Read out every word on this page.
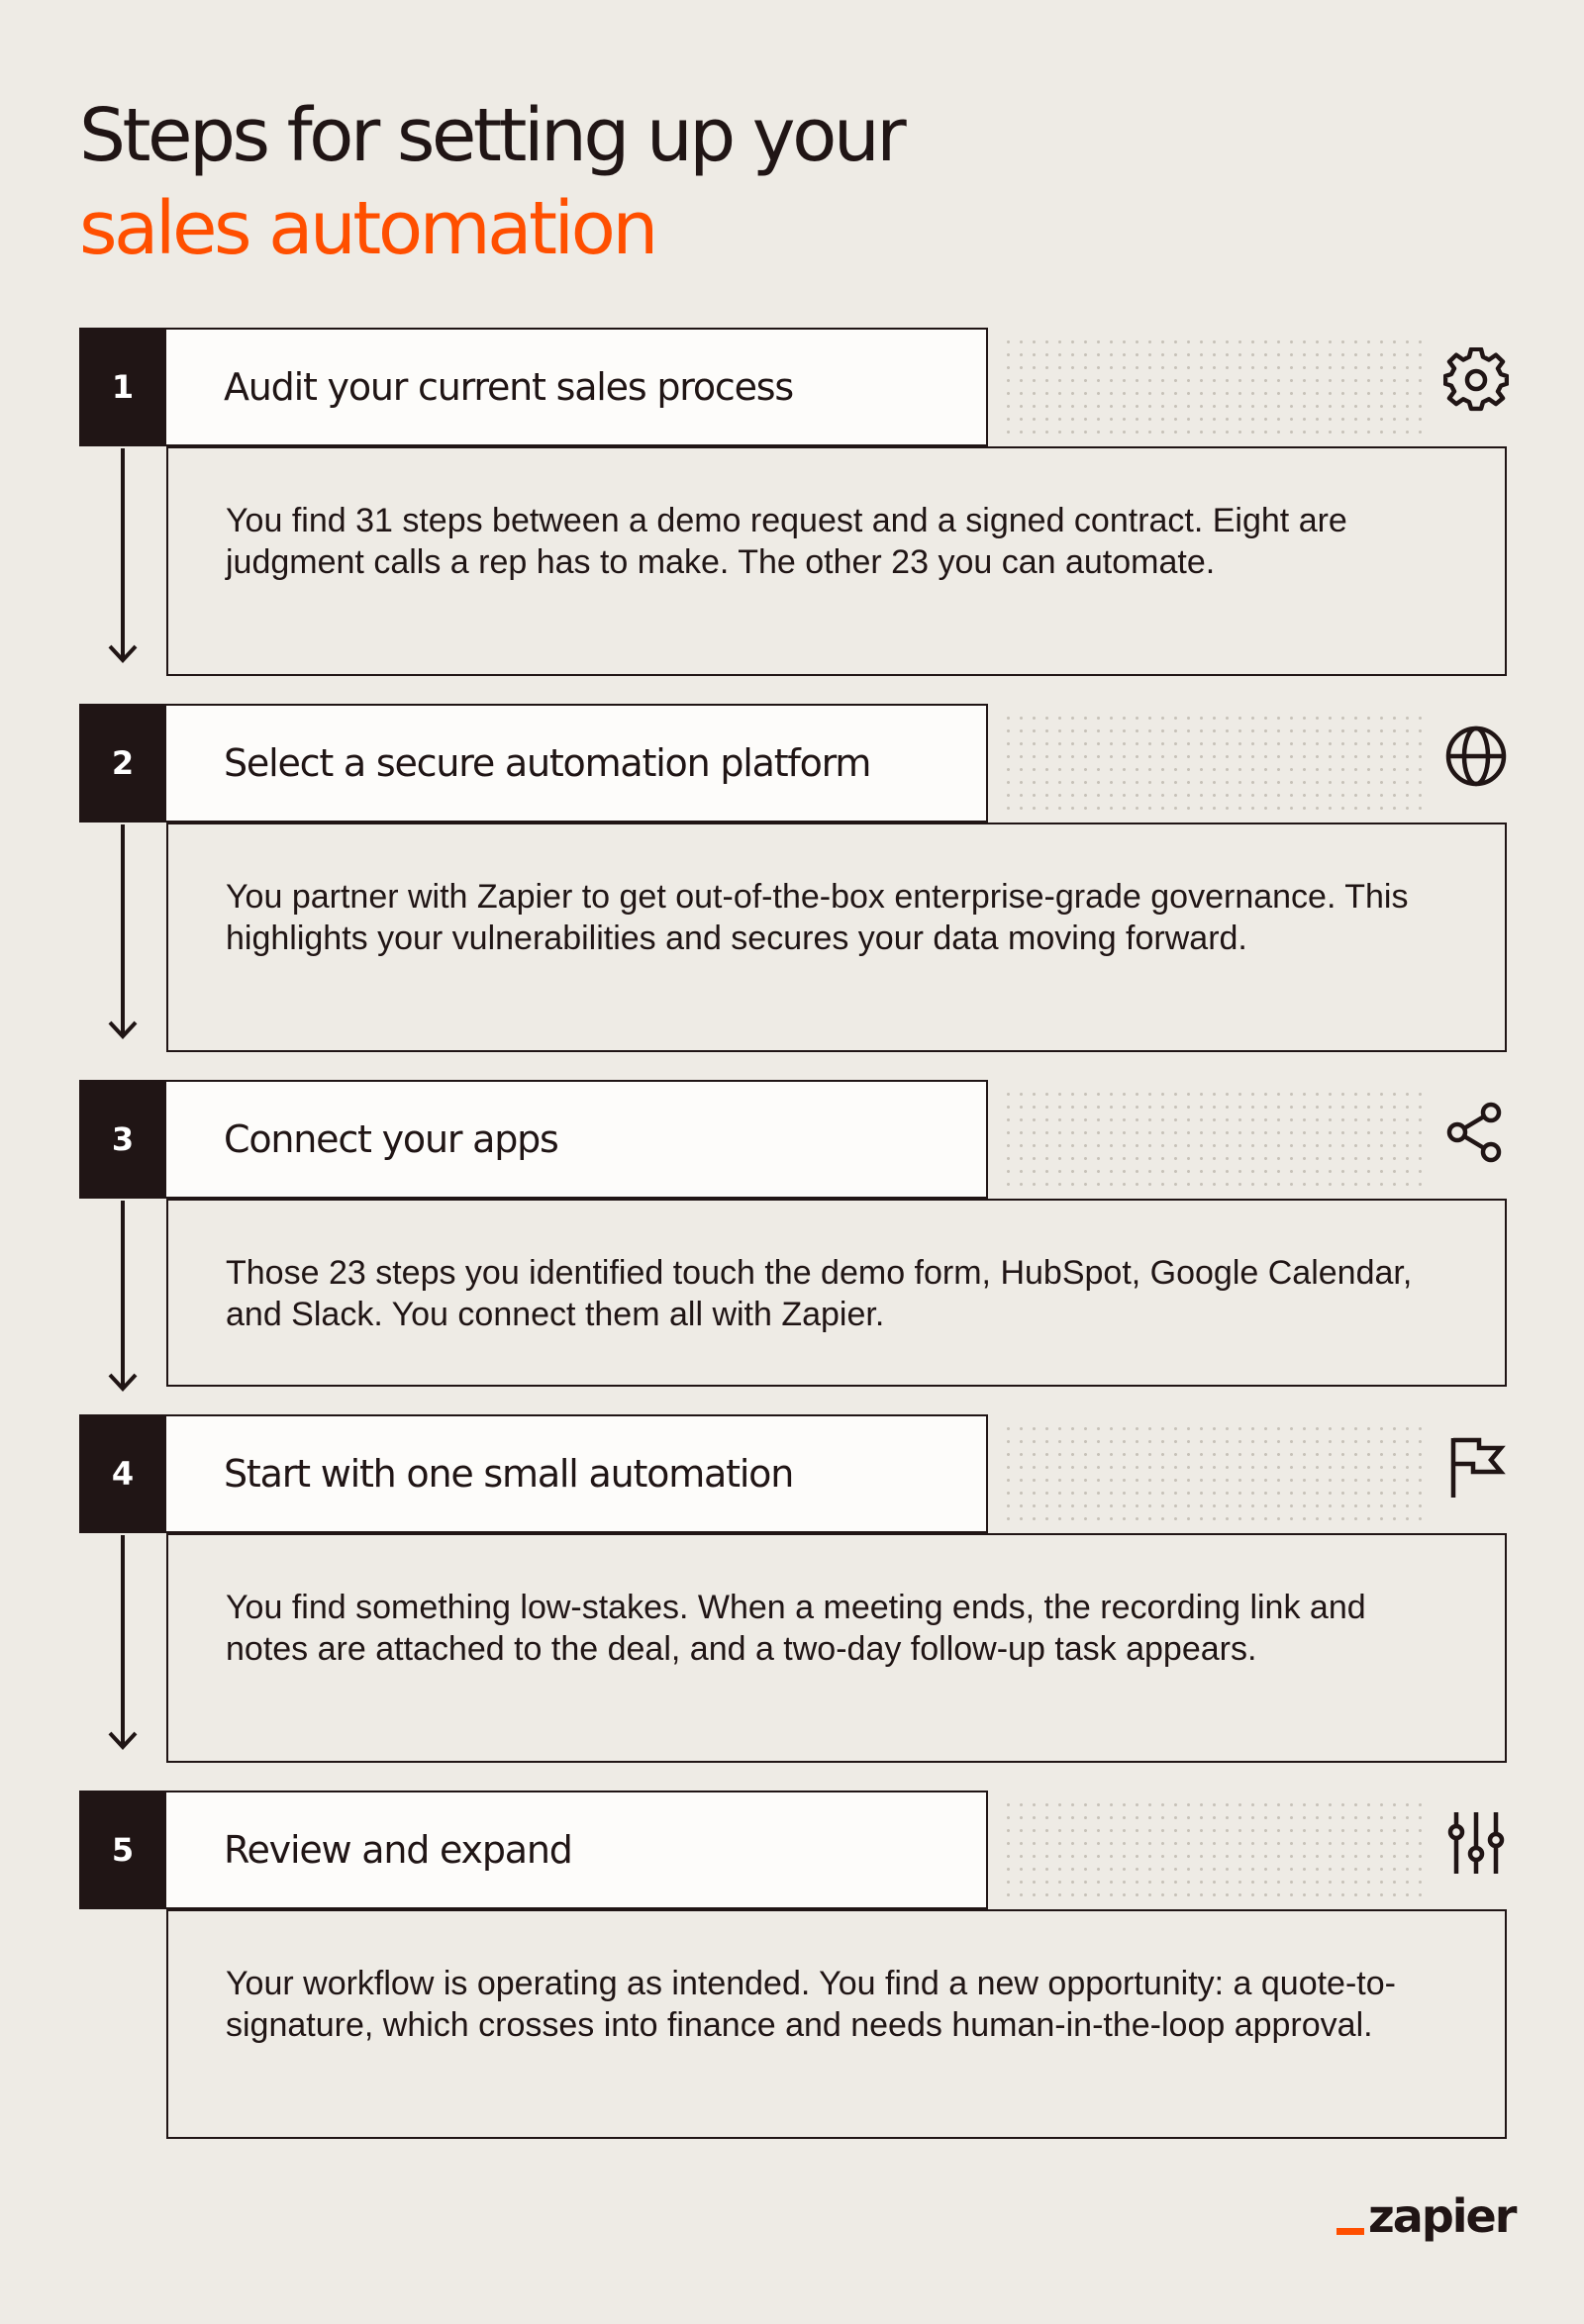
Steps for setting up your
sales automation
1	Audit your current sales process
You find 31 steps between a demo request and a signed contract. Eight are judgment calls a rep has to make. The other 23 you can automate.
2	Select a secure automation platform
You partner with Zapier to get out-of-the-box enterprise-grade governance. This highlights your vulnerabilities and secures your data moving forward.
3	Connect your apps
Those 23 steps you identified touch the demo form, HubSpot, Google Calendar, and Slack. You connect them all with Zapier.
4	Start with one small automation
You find something low-stakes. When a meeting ends, the recording link and notes are attached to the deal, and a two-day follow-up task appears.
5	Review and expand
Your workflow is operating as intended. You find a new opportunity: a quote-to-signature, which crosses into finance and needs human-in-the-loop approval.
zapier
